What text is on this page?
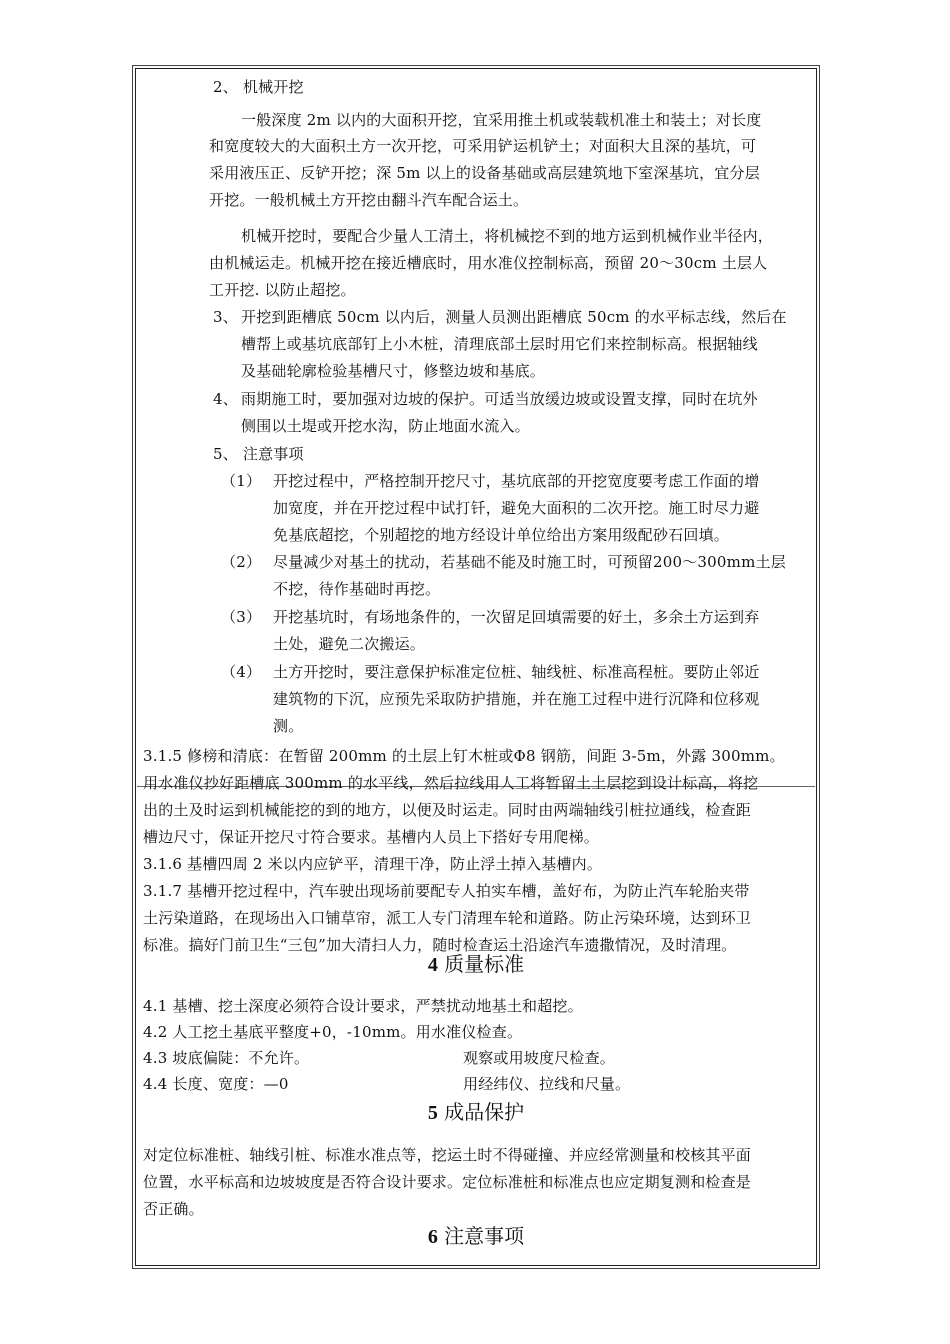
2、 机械开挖
一般深度 2m 以内的大面积开挖，宜采用推土机或装载机准土和装土；对长度
和宽度较大的大面积土方一次开挖，可采用铲运机铲土；对面积大且深的基坑，可
采用液压正、反铲开挖；深 5m 以上的设备基础或高层建筑地下室深基坑，宜分层
开挖。一般机械土方开挖由翻斗汽车配合运土。
机械开挖时，要配合少量人工清土，将机械挖不到的地方运到机械作业半径内，
由机械运走。机械开挖在接近槽底时，用水准仪控制标高，预留 20～30cm 土层人
工开挖. 以防止超挖。
3、 开挖到距槽底 50cm 以内后，测量人员测出距槽底 50cm 的水平标志线，然后在
槽帮上或基坑底部钉上小木桩，清理底部土层时用它们来控制标高。根据轴线
及基础轮廓检验基槽尺寸，修整边坡和基底。
4、 雨期施工时，要加强对边坡的保护。可适当放缓边坡或设置支撑，同时在坑外
侧围以土堤或开挖水沟，防止地面水流入。
5、 注意事项
（1） 开挖过程中，严格控制开挖尺寸，基坑底部的开挖宽度要考虑工作面的增
加宽度，并在开挖过程中试打钎，避免大面积的二次开挖。施工时尽力避
免基底超挖，个别超挖的地方经设计单位给出方案用级配砂石回填。
（2） 尽量减少对基土的扰动，若基础不能及时施工时，可预留200～300mm土层
不挖，待作基础时再挖。
（3） 开挖基坑时，有场地条件的，一次留足回填需要的好土，多余土方运到弃
土处，避免二次搬运。
（4） 土方开挖时，要注意保护标准定位桩、轴线桩、标准高程桩。要防止邻近
建筑物的下沉，应预先采取防护措施，并在施工过程中进行沉降和位移观
测。
3.1.5 修榜和清底：在暂留 200mm 的土层上钉木桩或Φ8 钢筋，间距 3-5m，外露 300mm。
用水准仪抄好距槽底 300mm 的水平线，然后拉线用人工将暂留土土层挖到设计标高，将挖
出的土及时运到机械能挖的到的地方，以便及时运走。同时由两端轴线引桩拉通线，检查距
槽边尺寸，保证开挖尺寸符合要求。基槽内人员上下搭好专用爬梯。
3.1.6 基槽四周 2 米以内应铲平，清理干净，防止浮土掉入基槽内。
3.1.7 基槽开挖过程中，汽车驶出现场前要配专人拍实车槽，盖好布，为防止汽车轮胎夹带
土污染道路，在现场出入口铺草帘，派工人专门清理车轮和道路。防止污染环境，达到环卫
标准。搞好门前卫生“三包”加大清扫人力，随时检查运土沿途汽车遗撒情况，及时清理。
4 质量标准
4.1 基槽、挖土深度必须符合设计要求，严禁扰动地基土和超挖。
4.2 人工挖土基底平整度+0，-10mm。用水准仪检查。
4.3 坡底偏陡：不允许。	观察或用坡度尺检查。
4.4 长度、宽度：—0	用经纬仪、拉线和尺量。
5 成品保护
对定位标准桩、轴线引桩、标准水准点等，挖运土时不得碰撞、并应经常测量和校核其平面
位置，水平标高和边坡坡度是否符合设计要求。定位标准桩和标准点也应定期复测和检查是
否正确。
6 注意事项
